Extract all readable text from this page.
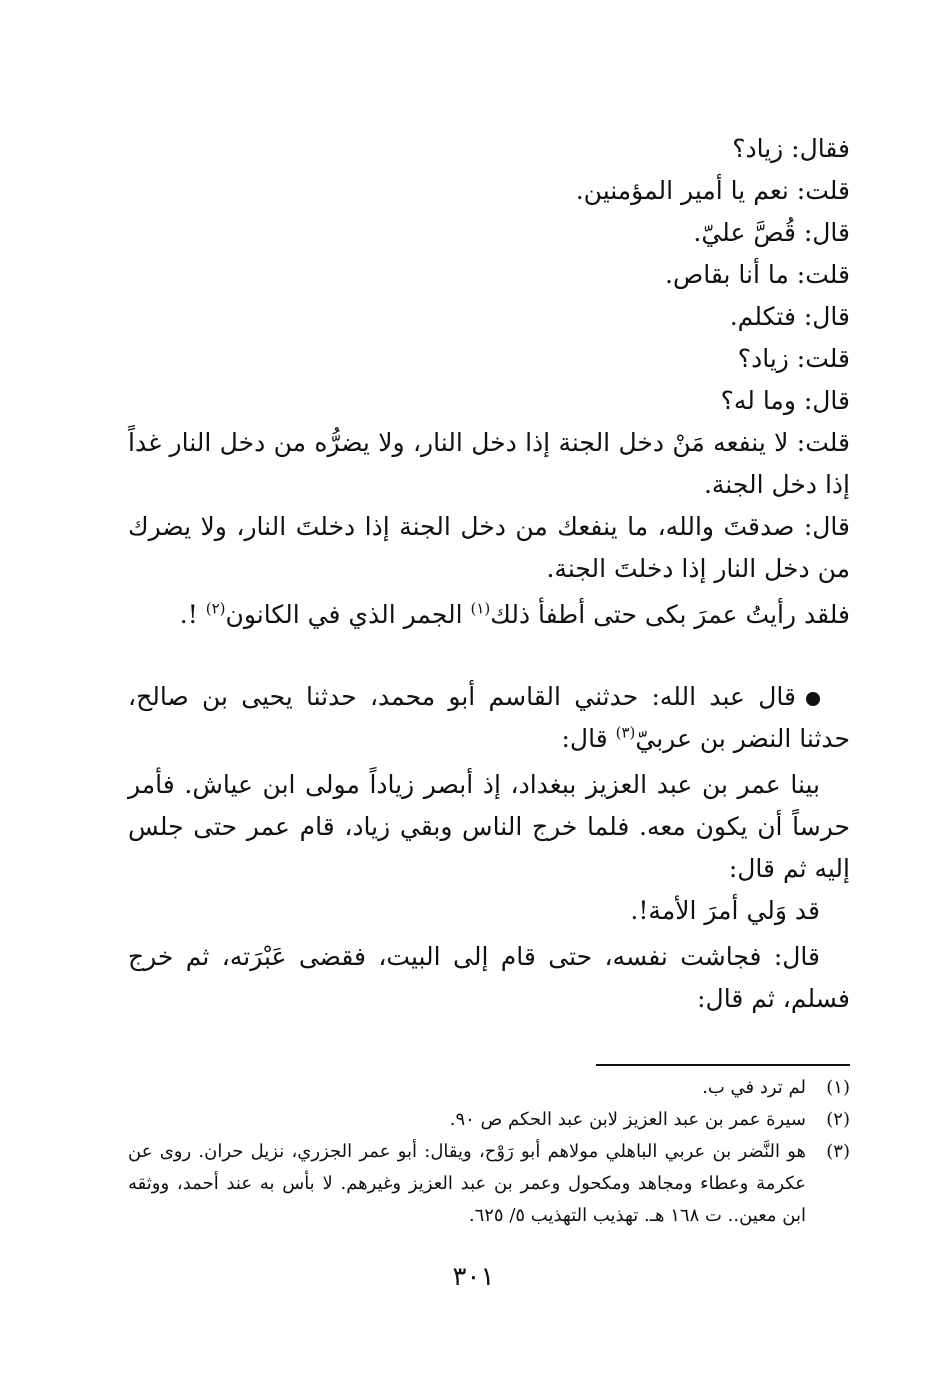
فقال: زياد؟
قلت: نعم يا أمير المؤمنين.
قال: قُصَّ عليّ.
قلت: ما أنا بقاص.
قال: فتكلم.
قلت: زياد؟
قال: وما له؟

قلت: لا ينفعه مَنْ دخل الجنة إذا دخل النار، ولا يضرُّه من دخل النار غداً إذا دخل الجنة.

قال: صدقتَ والله، ما ينفعك من دخل الجنة إذا دخلتَ النار، ولا يضرك من دخل النار إذا دخلتَ الجنة.

فلقد رأيتُ عمرَ بكى حتى أطفأ ذلك$^{(١)}$ الجمر الذي في الكانون$^{(٢)}$ !.

قال عبد الله: حدثني القاسم أبو محمد، حدثنا يحيى بن صالح، حدثنا النضر بن عربيّ$^{(٣)}$ قال:

بينا عمر بن عبد العزيز ببغداد، إذ أبصر زياداً مولى ابن عياش. فأمر حرساً أن يكون معه. فلما خرج الناس وبقي زياد، قام عمر حتى جلس إليه ثم قال:

قد وَلي أمرَ الأمة!.

قال: فجاشت نفسه، حتى قام إلى البيت، فقضى عَبْرَته، ثم خرج فسلم، ثم قال:

(١)
لم ترد في ب.
(٢)
سيرة عمر بن عبد العزيز لابن عبد الحكم ص ٩٠.
(٣)
هو النَّضر بن عربي الباهلي مولاهم أبو رَوْح، ويقال: أبو عمر الجزري، نزيل حران. روى عن عكرمة وعطاء ومجاهد ومكحول وعمر بن عبد العزيز وغيرهم. لا بأس به عند أحمد، ووثقه ابن معين.. ت ١٦٨ هـ. تهذيب التهذيب ٥/ ٦٢٥.
٣٠١
